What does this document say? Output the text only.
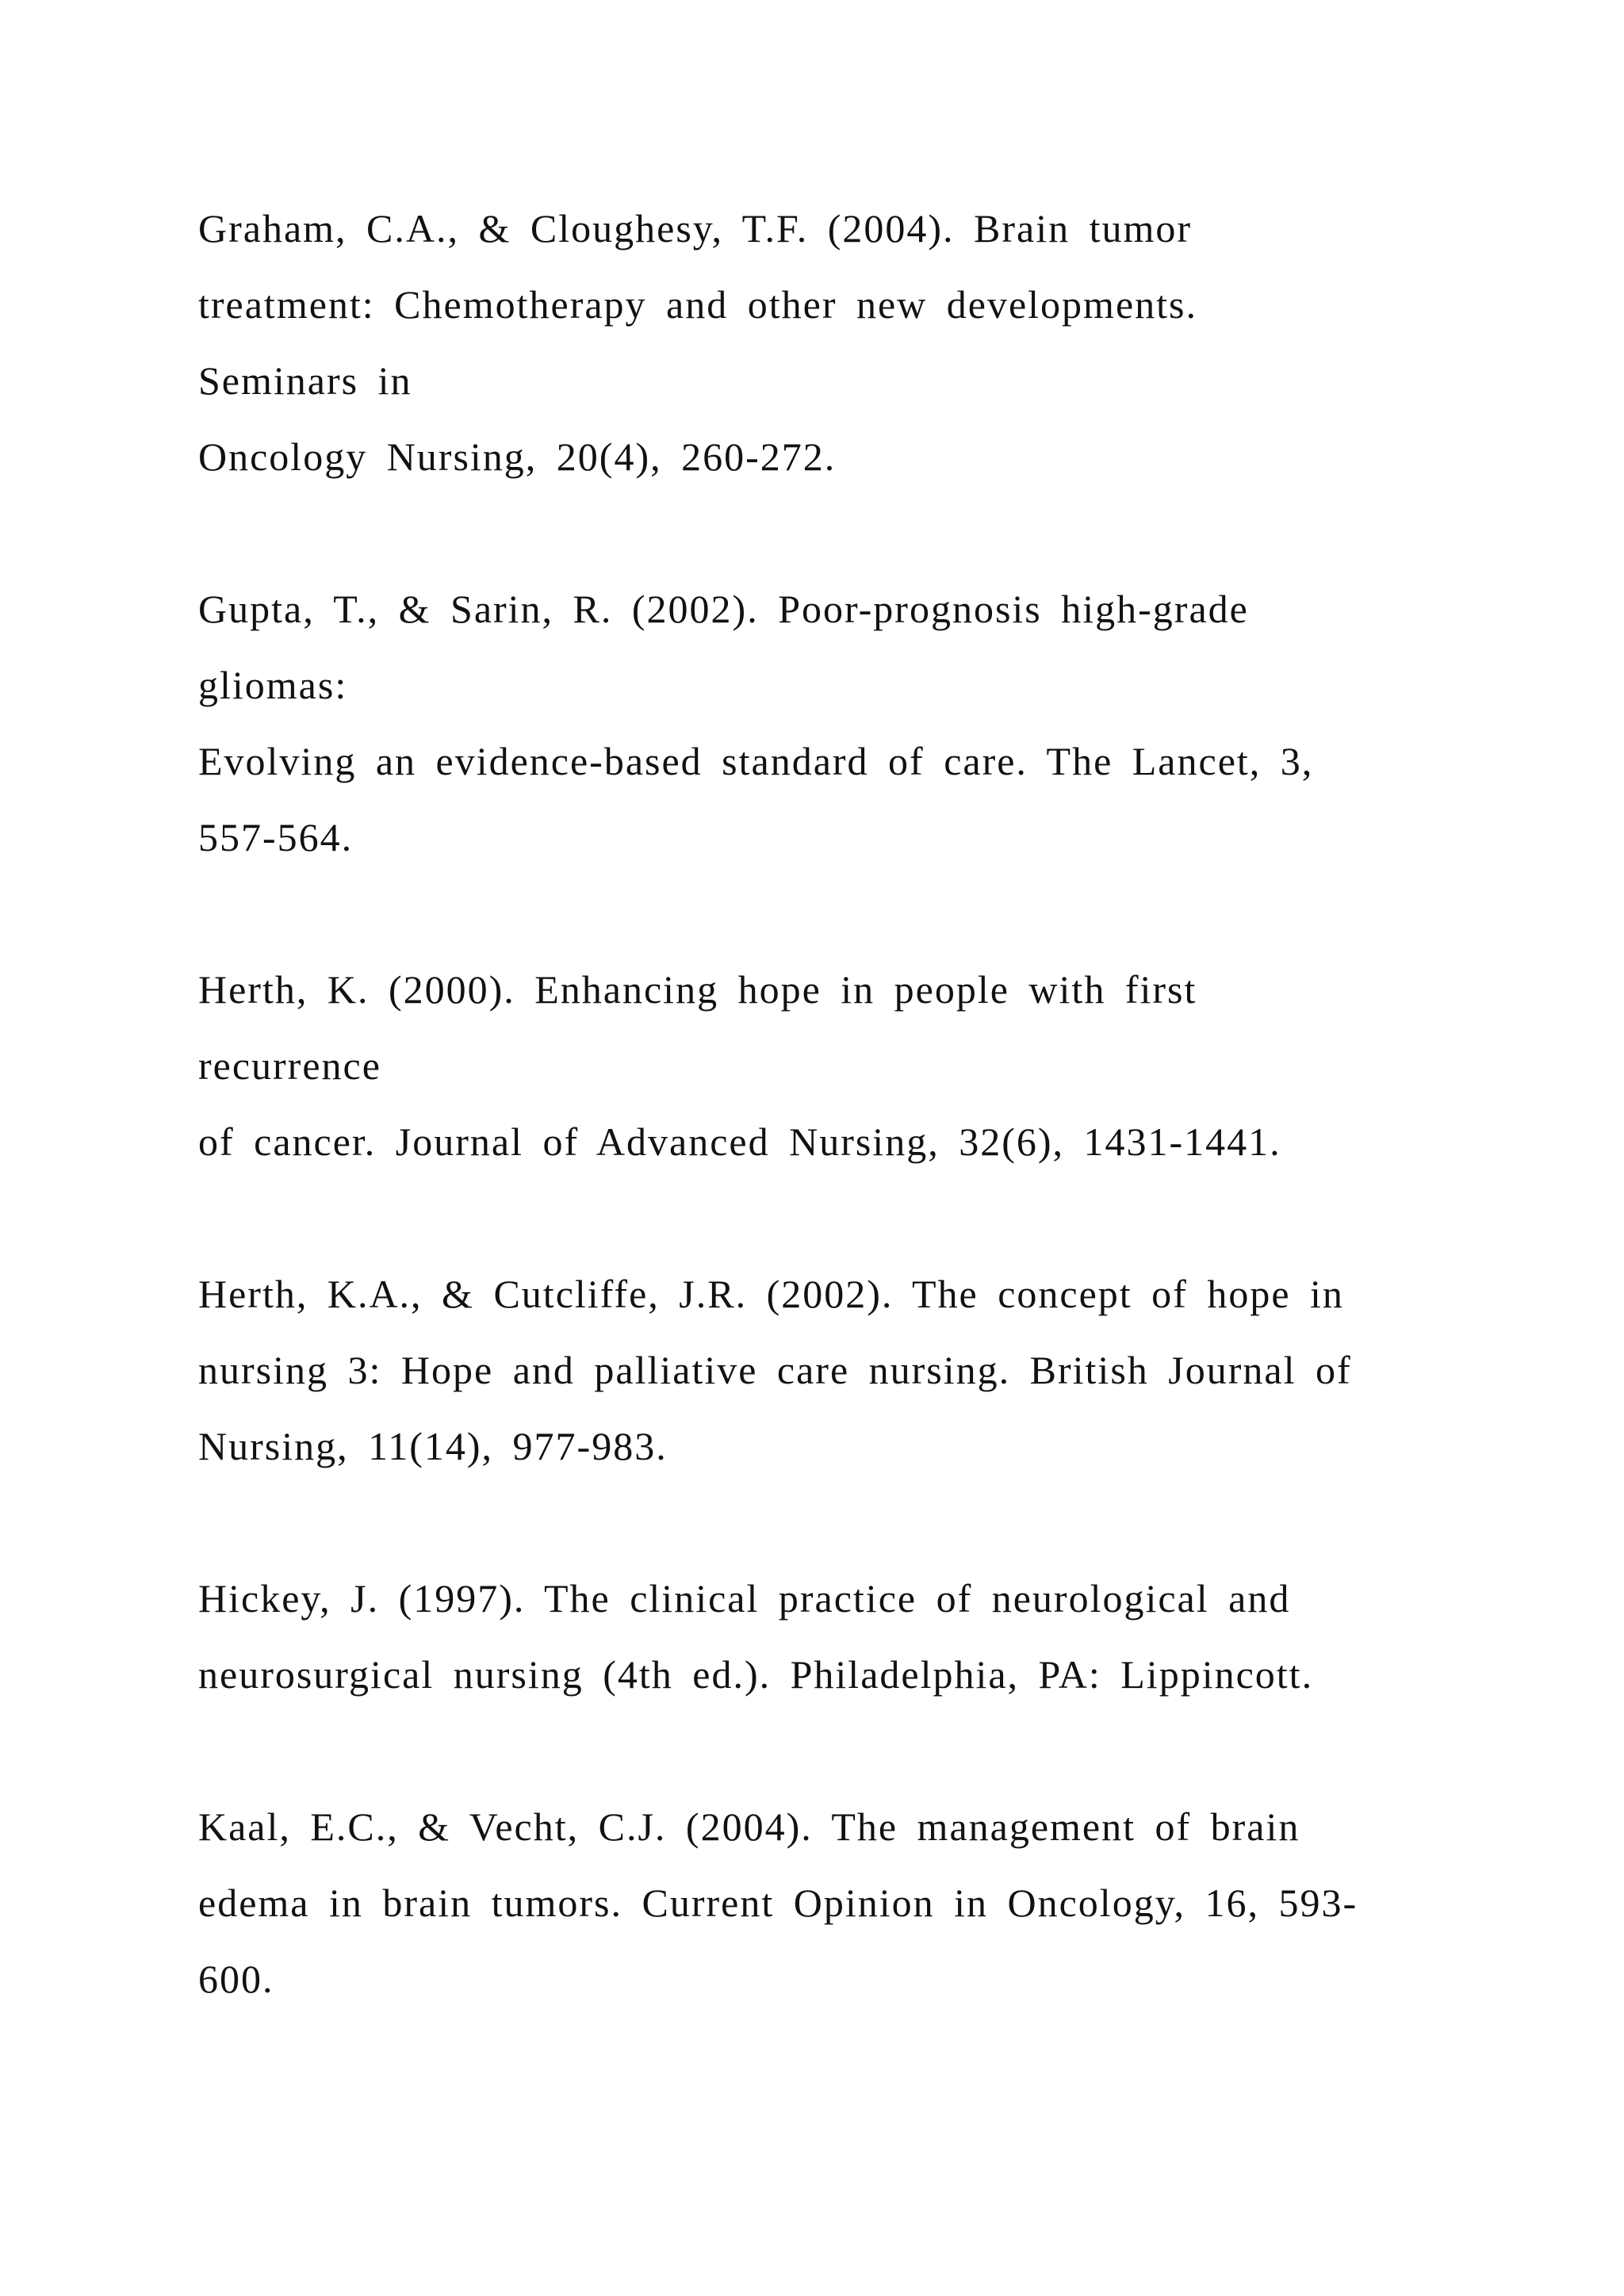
Graham, C.A., & Cloughesy, T.F. (2004). Brain tumor
treatment: Chemotherapy and other new developments.
Seminars in
Oncology Nursing, 20(4), 260-272.
Gupta, T., & Sarin, R. (2002). Poor-prognosis high-grade
gliomas:
Evolving an evidence-based standard of care. The Lancet, 3,
557-564.
Herth, K. (2000). Enhancing hope in people with first
recurrence
of cancer. Journal of Advanced Nursing, 32(6), 1431-1441.
Herth, K.A., & Cutcliffe, J.R. (2002). The concept of hope in
nursing 3: Hope and palliative care nursing. British Journal of
Nursing, 11(14), 977-983.
Hickey, J. (1997). The clinical practice of neurological and
neurosurgical nursing (4th ed.). Philadelphia, PA: Lippincott.
Kaal, E.C., & Vecht, C.J. (2004). The management of brain
edema in brain tumors. Current Opinion in Oncology, 16, 593-
600.
